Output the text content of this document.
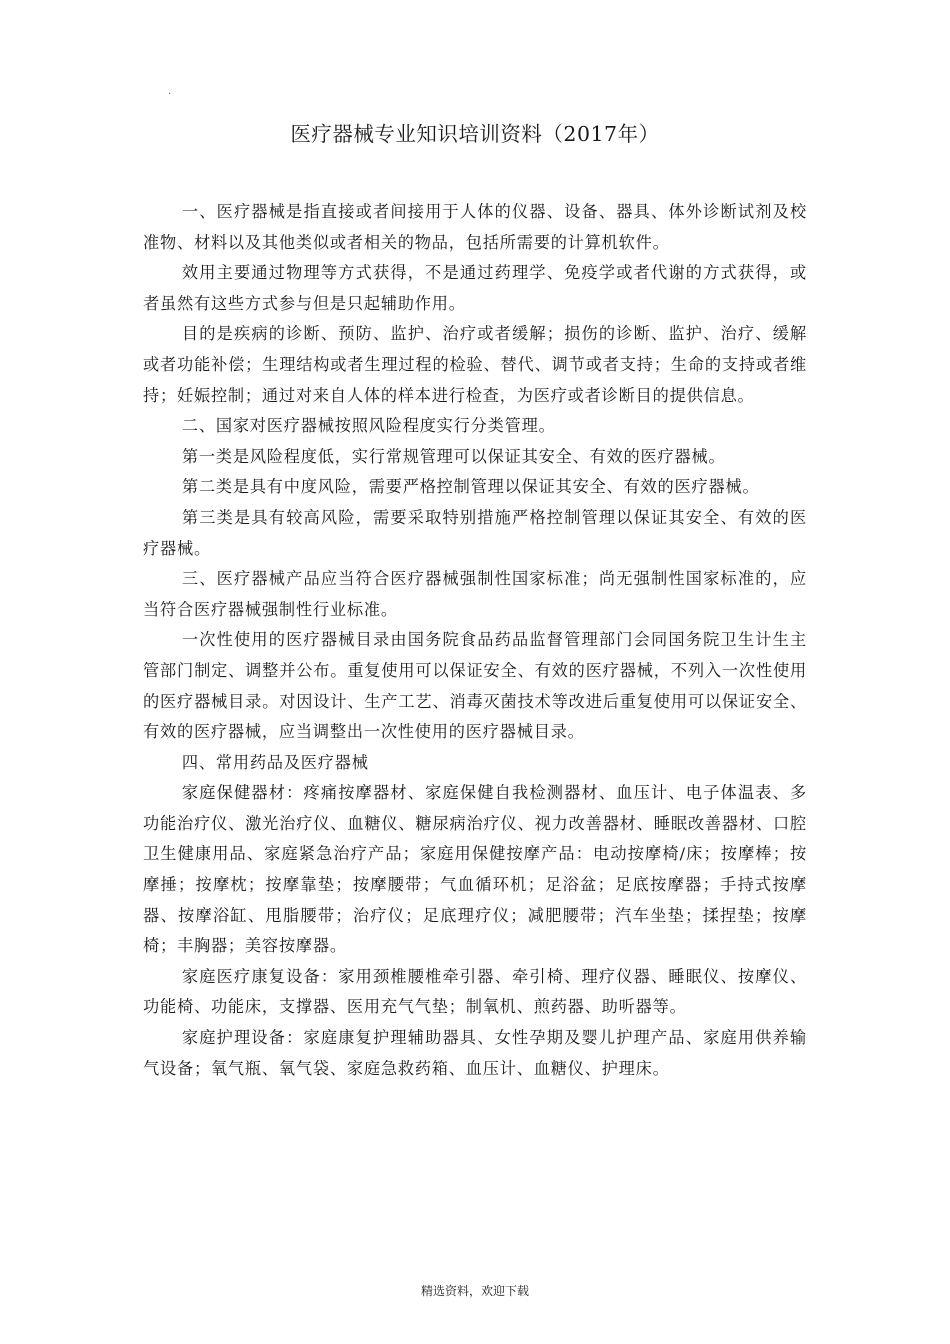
.
医疗器械专业知识培训资料（2017年）

一、医疗器械是指直接或者间接用于人体的仪器、设备、器具、体外诊断试剂及校准物、材料以及其他类似或者相关的物品，包括所需要的计算机软件。

效用主要通过物理等方式获得，不是通过药理学、免疫学或者代谢的方式获得，或者虽然有这些方式参与但是只起辅助作用。

目的是疾病的诊断、预防、监护、治疗或者缓解；损伤的诊断、监护、治疗、缓解或者功能补偿；生理结构或者生理过程的检验、替代、调节或者支持；生命的支持或者维持；妊娠控制；通过对来自人体的样本进行检查，为医疗或者诊断目的提供信息。

二、国家对医疗器械按照风险程度实行分类管理。

第一类是风险程度低，实行常规管理可以保证其安全、有效的医疗器械。

第二类是具有中度风险，需要严格控制管理以保证其安全、有效的医疗器械。

第三类是具有较高风险，需要采取特别措施严格控制管理以保证其安全、有效的医疗器械。

三、医疗器械产品应当符合医疗器械强制性国家标准；尚无强制性国家标准的，应当符合医疗器械强制性行业标准。

一次性使用的医疗器械目录由国务院食品药品监督管理部门会同国务院卫生计生主管部门制定、调整并公布。重复使用可以保证安全、有效的医疗器械，不列入一次性使用的医疗器械目录。对因设计、生产工艺、消毒灭菌技术等改进后重复使用可以保证安全、有效的医疗器械，应当调整出一次性使用的医疗器械目录。

四、常用药品及医疗器械

家庭保健器材：疼痛按摩器材、家庭保健自我检测器材、血压计、电子体温表、多功能治疗仪、激光治疗仪、血糖仪、糖尿病治疗仪、视力改善器材、睡眠改善器材、口腔卫生健康用品、家庭紧急治疗产品；家庭用保健按摩产品：电动按摩椅/床；按摩棒；按摩捶；按摩枕；按摩靠垫；按摩腰带；气血循环机；足浴盆；足底按摩器；手持式按摩器、按摩浴缸、甩脂腰带；治疗仪；足底理疗仪；减肥腰带；汽车坐垫；揉捏垫；按摩椅；丰胸器；美容按摩器。

家庭医疗康复设备：家用颈椎腰椎牵引器、牵引椅、理疗仪器、睡眠仪、按摩仪、功能椅、功能床，支撑器、医用充气气垫；制氧机、煎药器、助听器等。

家庭护理设备：家庭康复护理辅助器具、女性孕期及婴儿护理产品、家庭用供养输气设备；氧气瓶、氧气袋、家庭急救药箱、血压计、血糖仪、护理床。

精选资料，欢迎下载
